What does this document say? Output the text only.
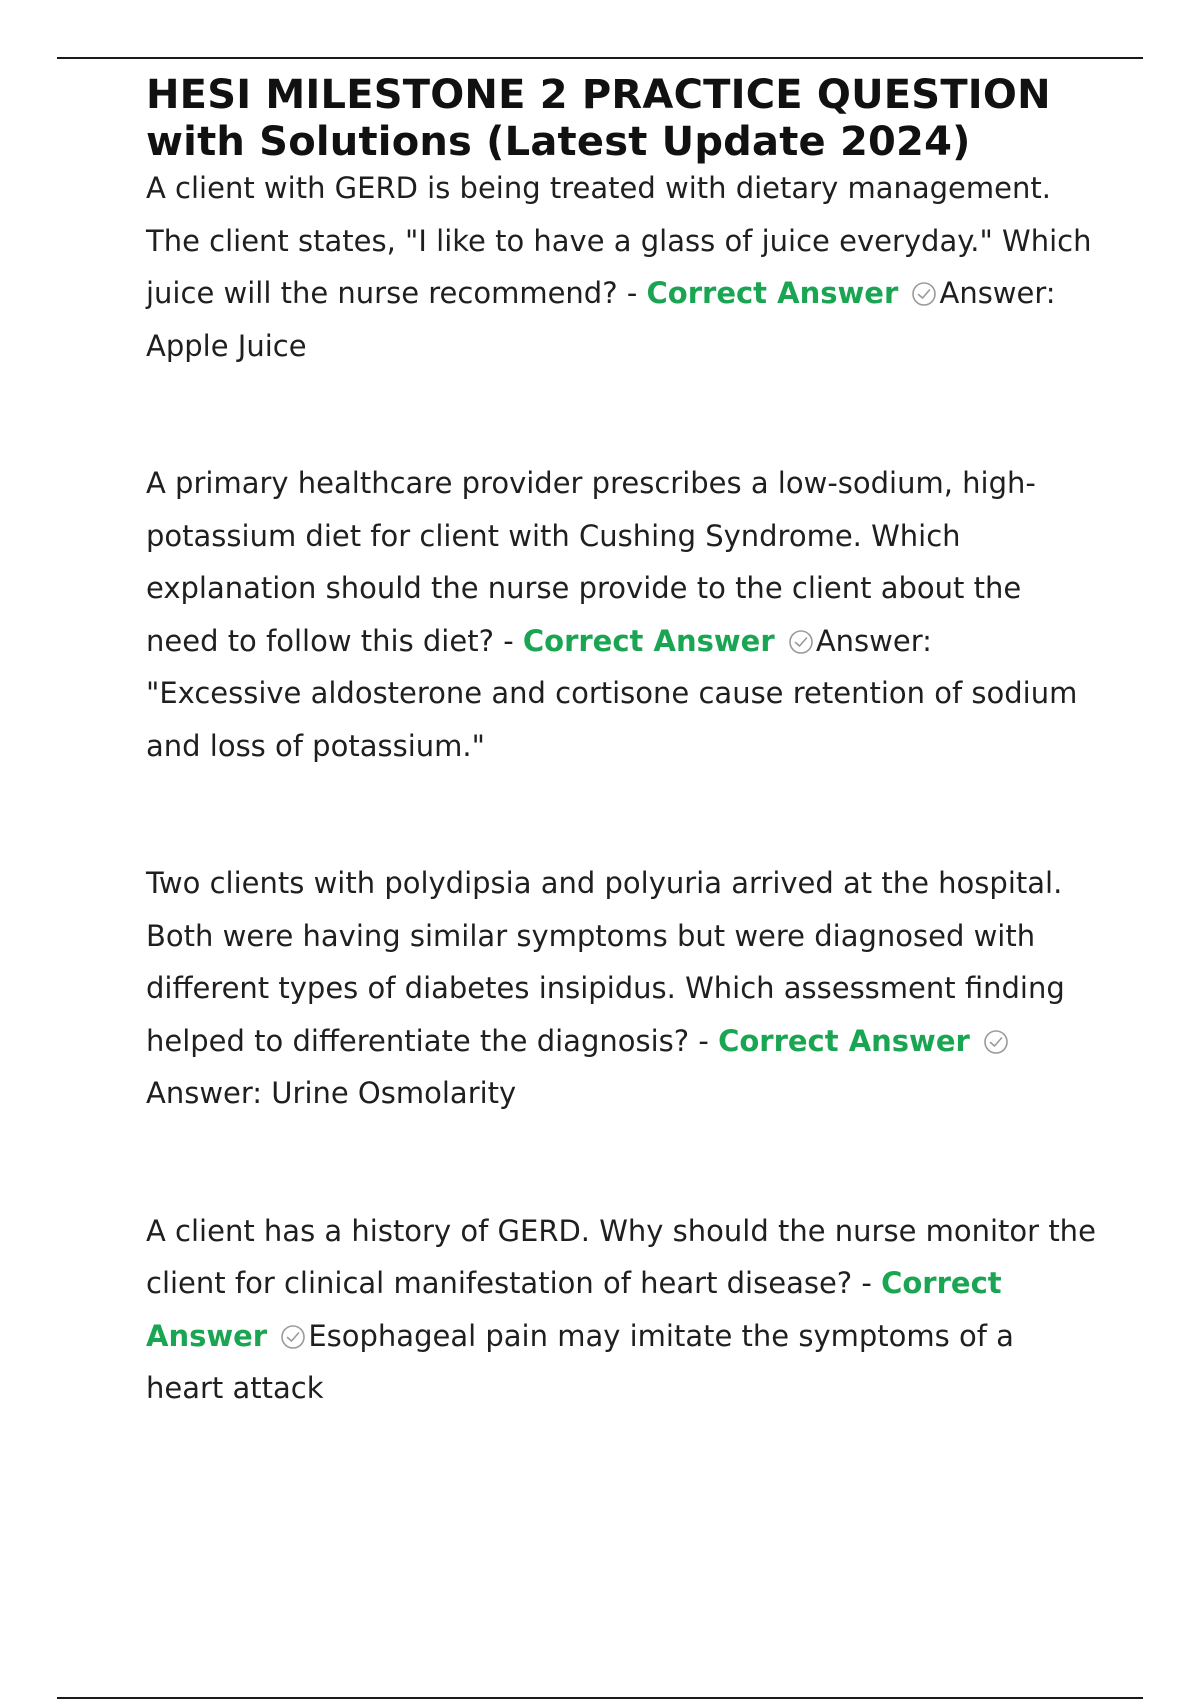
HESI MILESTONE 2 PRACTICE QUESTION with Solutions (Latest Update 2024)

A client with GERD is being treated with dietary management. The client states, "I like to have a glass of juice everyday." Which juice will the nurse recommend? - Correct Answer Answer: Apple Juice

A primary healthcare provider prescribes a low-sodium, high-potassium diet for client with Cushing Syndrome. Which explanation should the nurse provide to the client about the need to follow this diet? - Correct Answer Answer: "Excessive aldosterone and cortisone cause retention of sodium and loss of potassium."

Two clients with polydipsia and polyuria arrived at the hospital. Both were having similar symptoms but were diagnosed with different types of diabetes insipidus. Which assessment finding helped to differentiate the diagnosis? - Correct Answer
Answer: Urine Osmolarity

A client has a history of GERD. Why should the nurse monitor the client for clinical manifestation of heart disease? - Correct Answer Esophageal pain may imitate the symptoms of a heart attack
